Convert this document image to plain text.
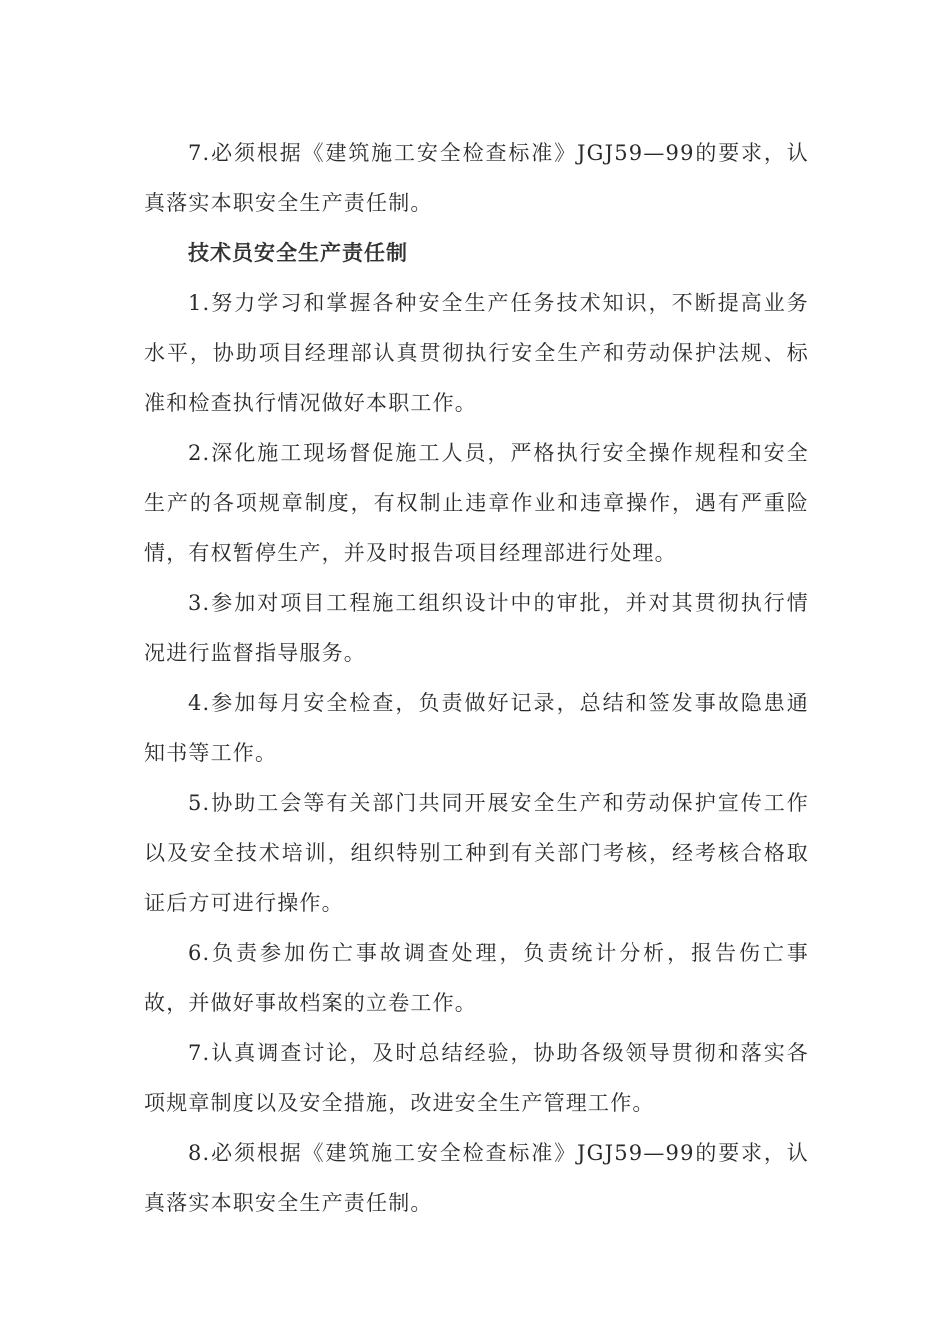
7.必须根据《建筑施工安全检查标准》JGJ59—99的要求，认真落实本职安全生产责任制。

技术员安全生产责任制

1.努力学习和掌握各种安全生产任务技术知识，不断提高业务水平，协助项目经理部认真贯彻执行安全生产和劳动保护法规、标准和检查执行情况做好本职工作。

2.深化施工现场督促施工人员，严格执行安全操作规程和安全生产的各项规章制度，有权制止违章作业和违章操作，遇有严重险情，有权暂停生产，并及时报告项目经理部进行处理。

3.参加对项目工程施工组织设计中的审批，并对其贯彻执行情况进行监督指导服务。

4.参加每月安全检查，负责做好记录，总结和签发事故隐患通知书等工作。

5.协助工会等有关部门共同开展安全生产和劳动保护宣传工作以及安全技术培训，组织特别工种到有关部门考核，经考核合格取证后方可进行操作。

6.负责参加伤亡事故调查处理，负责统计分析，报告伤亡事故，并做好事故档案的立卷工作。

7.认真调查讨论，及时总结经验，协助各级领导贯彻和落实各项规章制度以及安全措施，改进安全生产管理工作。

8.必须根据《建筑施工安全检查标准》JGJ59—99的要求，认真落实本职安全生产责任制。
